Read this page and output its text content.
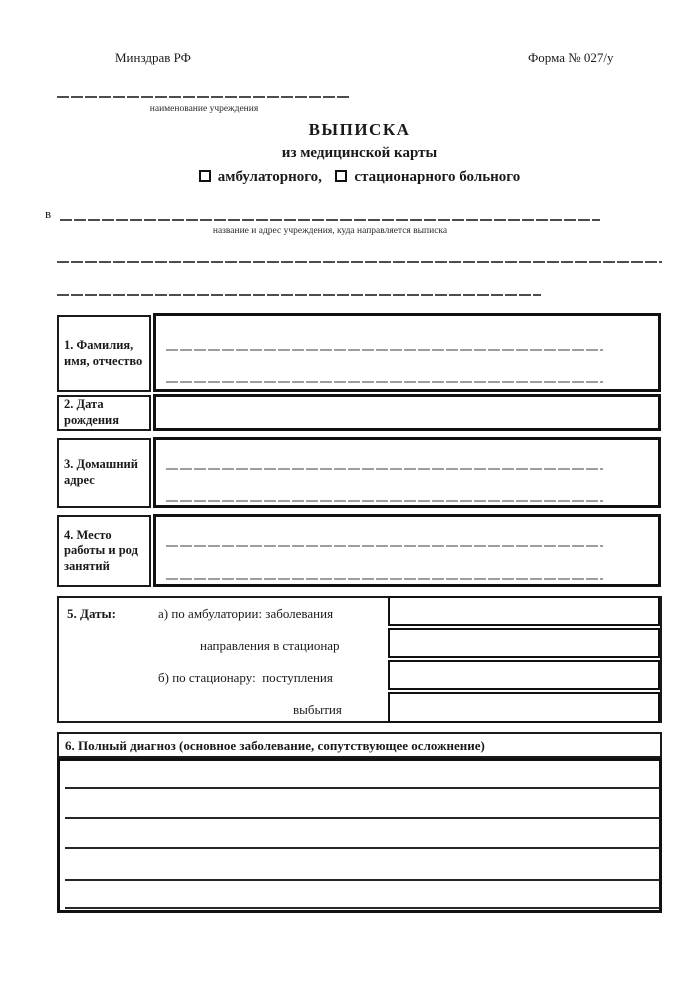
Минздрав РФ	Форма № 027/у
наименование учреждения
ВЫПИСКА
из медицинской карты
амбулаторного, стационарного больного
в
название и адрес учреждения, куда направляется выписка
1. Фамилия, имя, отчество
2. Дата рождения
3. Домашний адрес
4. Место работы и род занятий
5. Даты:	а) по амбулатории: заболевания
направления в стационар
б) по стационару:  поступления
выбытия
6. Полный диагноз (основное заболевание, сопутствующее осложнение)
